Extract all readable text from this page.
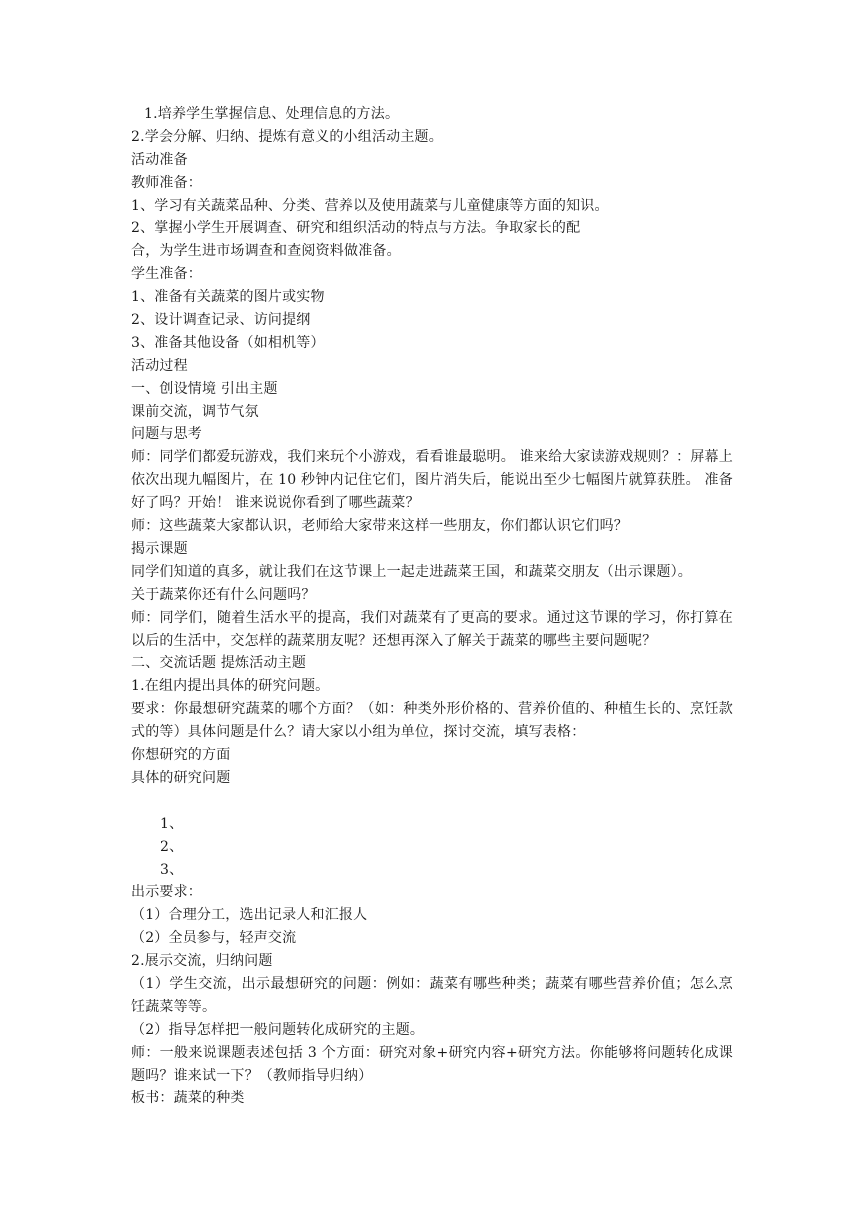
1.培养学生掌握信息、处理信息的方法。
2.学会分解、归纳、提炼有意义的小组活动主题。
活动准备
教师准备：
1、学习有关蔬菜品种、分类、营养以及使用蔬菜与儿童健康等方面的知识。
2、掌握小学生开展调查、研究和组织活动的特点与方法。争取家长的配
合，为学生进市场调查和查阅资料做准备。
学生准备：
1、准备有关蔬菜的图片或实物
2、设计调查记录、访问提纲
3、准备其他设备（如相机等）
活动过程
一、创设情境 引出主题
课前交流，调节气氛
问题与思考
师：同学们都爱玩游戏，我们来玩个小游戏，看看谁最聪明。 谁来给大家读游戏规则？：屏幕上依次出现九幅图片，在 10 秒钟内记住它们，图片消失后，能说出至少七幅图片就算获胜。 准备好了吗？开始！ 谁来说说你看到了哪些蔬菜？
师：这些蔬菜大家都认识，老师给大家带来这样一些朋友，你们都认识它们吗？
揭示课题
同学们知道的真多，就让我们在这节课上一起走进蔬菜王国，和蔬菜交朋友（出示课题）。
关于蔬菜你还有什么问题吗？
师：同学们，随着生活水平的提高，我们对蔬菜有了更高的要求。通过这节课的学习，你打算在以后的生活中，交怎样的蔬菜朋友呢？还想再深入了解关于蔬菜的哪些主要问题呢？
二、交流话题 提炼活动主题
1.在组内提出具体的研究问题。
要求：你最想研究蔬菜的哪个方面？（如：种类外形价格的、营养价值的、种植生长的、烹饪款式的等）具体问题是什么？请大家以小组为单位，探讨交流，填写表格：
你想研究的方面
具体的研究问题
1、
2、
3、
出示要求：
（1）合理分工，选出记录人和汇报人
（2）全员参与，轻声交流
2.展示交流，归纳问题
（1）学生交流，出示最想研究的问题：例如：蔬菜有哪些种类；蔬菜有哪些营养价值；怎么烹饪蔬菜等等。
（2）指导怎样把一般问题转化成研究的主题。
师：一般来说课题表述包括 3 个方面：研究对象+研究内容+研究方法。你能够将问题转化成课题吗？谁来试一下？（教师指导归纳）
板书：蔬菜的种类
